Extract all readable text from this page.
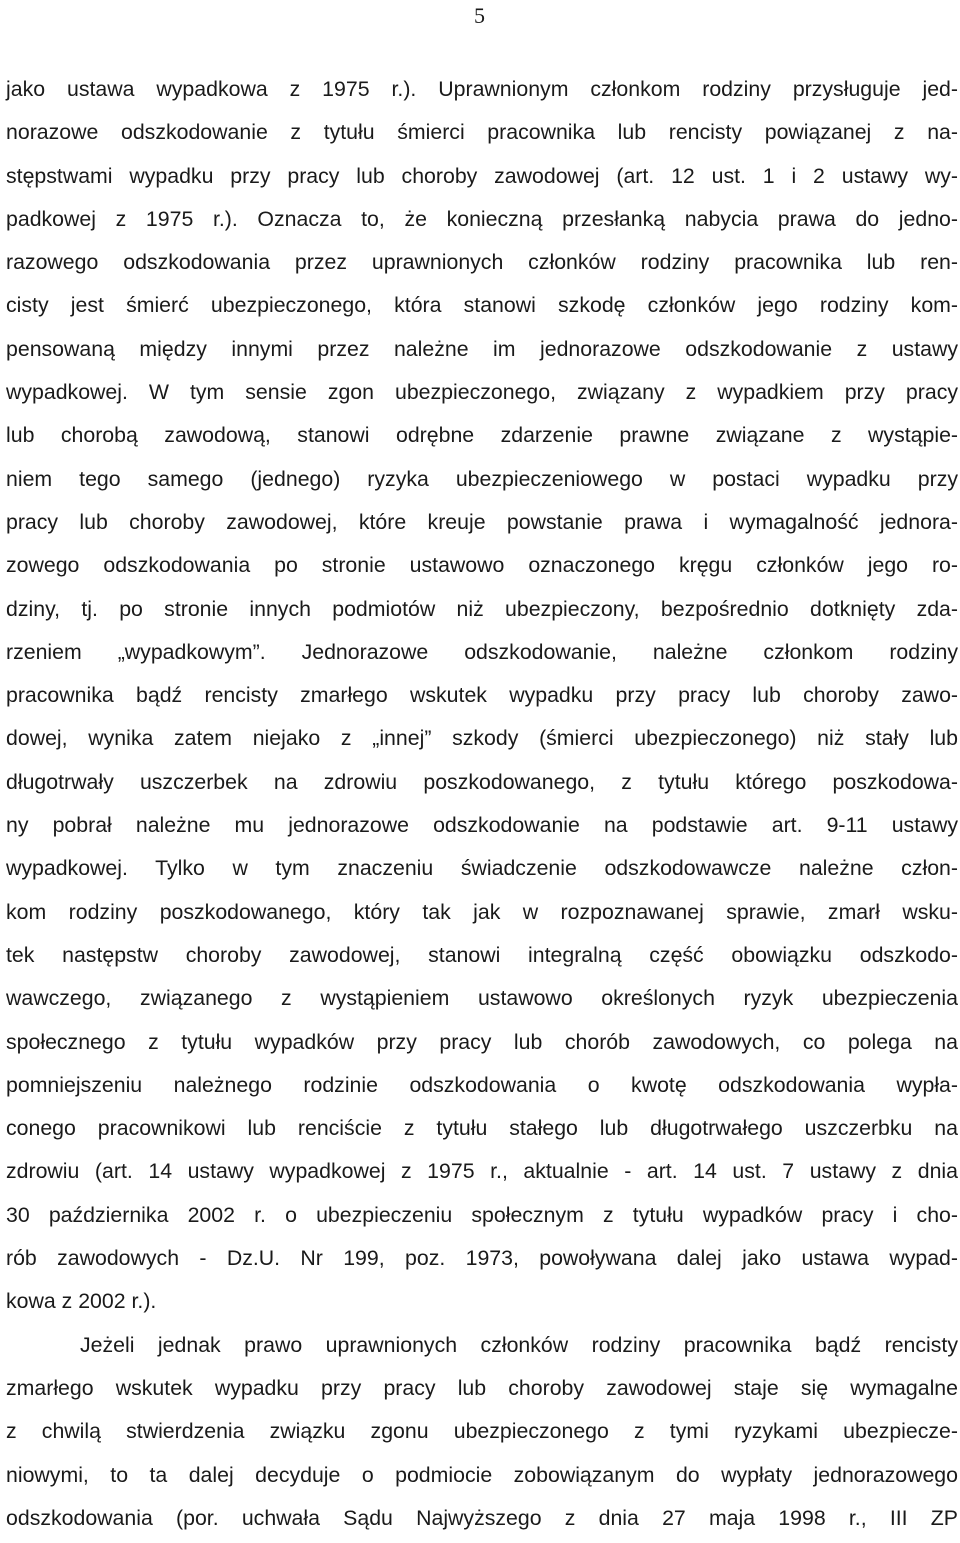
5
jako ustawa wypadkowa z 1975 r.). Uprawnionym członkom rodziny przysługuje jed-
norazowe odszkodowanie z tytułu śmierci pracownika lub rencisty powiązanej z na-
stępstwami wypadku przy pracy lub choroby zawodowej (art. 12 ust. 1 i 2 ustawy wy-
padkowej z 1975 r.). Oznacza to, że konieczną przesłanką nabycia prawa do jedno-
razowego odszkodowania przez uprawnionych członków rodziny pracownika lub ren-
cisty jest śmierć ubezpieczonego, która stanowi szkodę członków jego rodziny kom-
pensowaną między innymi przez należne im jednorazowe odszkodowanie z ustawy
wypadkowej. W tym sensie zgon ubezpieczonego, związany z wypadkiem przy pracy
lub chorobą zawodową, stanowi odrębne zdarzenie prawne związane z wystąpie-
niem tego samego (jednego) ryzyka ubezpieczeniowego w postaci wypadku przy
pracy lub choroby zawodowej, które kreuje powstanie prawa i wymagalność jednora-
zowego odszkodowania po stronie ustawowo oznaczonego kręgu członków jego ro-
dziny, tj. po stronie innych podmiotów niż ubezpieczony, bezpośrednio dotknięty zda-
rzeniem „wypadkowym”. Jednorazowe odszkodowanie, należne członkom rodziny
pracownika bądź rencisty zmarłego wskutek wypadku przy pracy lub choroby zawo-
dowej, wynika zatem niejako z „innej” szkody (śmierci ubezpieczonego) niż stały lub
długotrwały uszczerbek na zdrowiu poszkodowanego, z tytułu którego poszkodowa-
ny pobrał należne mu jednorazowe odszkodowanie na podstawie art. 9-11 ustawy
wypadkowej. Tylko w tym znaczeniu świadczenie odszkodowawcze należne człon-
kom rodziny poszkodowanego, który tak jak w rozpoznawanej sprawie, zmarł wsku-
tek następstw choroby zawodowej, stanowi integralną część obowiązku odszkodo-
wawczego, związanego z wystąpieniem ustawowo określonych ryzyk ubezpieczenia
społecznego z tytułu wypadków przy pracy lub chorób zawodowych, co polega na
pomniejszeniu należnego rodzinie odszkodowania o kwotę odszkodowania wypła-
conego pracownikowi lub renciście z tytułu stałego lub długotrwałego uszczerbku na
zdrowiu (art. 14 ustawy wypadkowej z 1975 r., aktualnie - art. 14 ust. 7 ustawy z dnia
30 października 2002 r. o ubezpieczeniu społecznym z tytułu wypadków pracy i cho-
rób zawodowych - Dz.U. Nr 199, poz. 1973, powoływana dalej jako ustawa wypad-
kowa z 2002 r.).
Jeżeli jednak prawo uprawnionych członków rodziny pracownika bądź rencisty
zmarłego wskutek wypadku przy pracy lub choroby zawodowej staje się wymagalne
z chwilą stwierdzenia związku zgonu ubezpieczonego z tymi ryzykami ubezpiecze-
niowymi, to ta dalej decyduje o podmiocie zobowiązanym do wypłaty jednorazowego
odszkodowania (por. uchwała Sądu Najwyższego z dnia 27 maja 1998 r., III ZP
